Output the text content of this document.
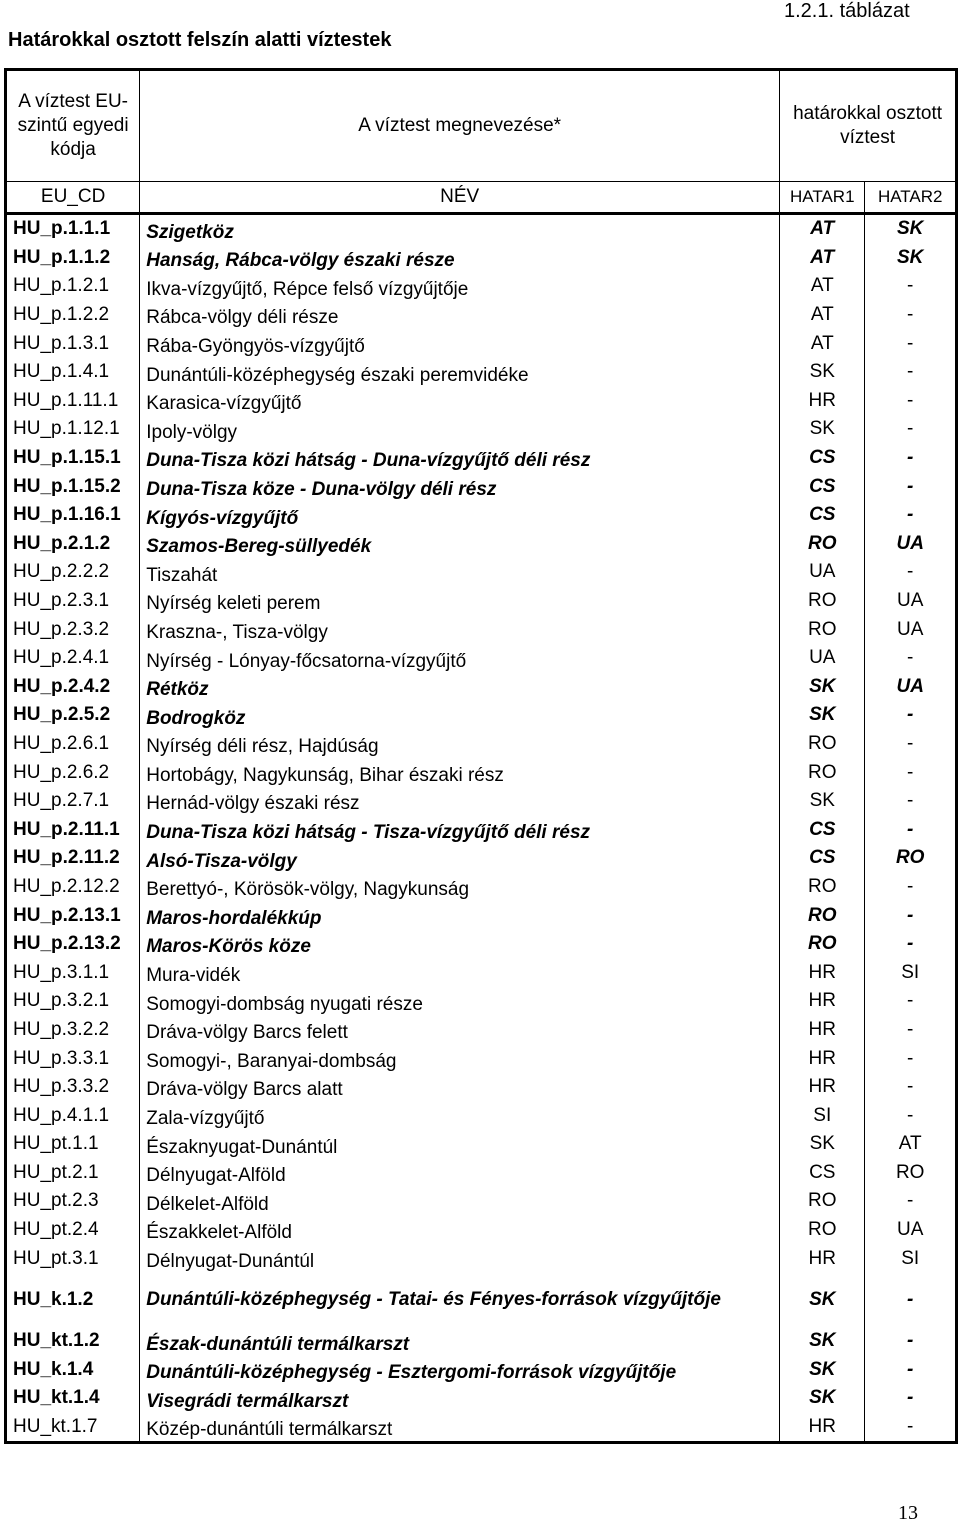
Határokkal osztott felszín alatti víztestek
1.2.1. táblázat
A víztest EU- szintű egyedi kódja	A víztest megnevezése*	határokkal osztott víztest	
EU_CD	NÉV	HATAR1	HATAR2
HU_p.1.1.1	Szigetköz	AT	SK
HU_p.1.1.2	Hanság, Rábca-völgy északi része	AT	SK
HU_p.1.2.1	Ikva-vízgyűjtő, Répce felső vízgyűjtője	AT	-
HU_p.1.2.2	Rábca-völgy déli része	AT	-
HU_p.1.3.1	Rába-Gyöngyös-vízgyűjtő	AT	-
HU_p.1.4.1	Dunántúli-középhegység északi peremvidéke	SK	-
HU_p.1.11.1	Karasica-vízgyűjtő	HR	-
HU_p.1.12.1	Ipoly-völgy	SK	-
HU_p.1.15.1	Duna-Tisza közi hátság - Duna-vízgyűjtő déli rész	CS	-
HU_p.1.15.2	Duna-Tisza köze - Duna-völgy déli rész	CS	-
HU_p.1.16.1	Kígyós-vízgyűjtő	CS	-
HU_p.2.1.2	Szamos-Bereg-süllyedék	RO	UA
HU_p.2.2.2	Tiszahát	UA	-
HU_p.2.3.1	Nyírség keleti perem	RO	UA
HU_p.2.3.2	Kraszna-, Tisza-völgy	RO	UA
HU_p.2.4.1	Nyírség - Lónyay-főcsatorna-vízgyűjtő	UA	-
HU_p.2.4.2	Rétköz	SK	UA
HU_p.2.5.2	Bodrogköz	SK	-
HU_p.2.6.1	Nyírség déli rész, Hajdúság	RO	-
HU_p.2.6.2	Hortobágy, Nagykunság, Bihar északi rész	RO	-
HU_p.2.7.1	Hernád-völgy északi rész	SK	-
HU_p.2.11.1	Duna-Tisza közi hátság - Tisza-vízgyűjtő déli rész	CS	-
HU_p.2.11.2	Alsó-Tisza-völgy	CS	RO
HU_p.2.12.2	Berettyó-, Körösök-völgy, Nagykunság	RO	-
HU_p.2.13.1	Maros-hordalékkúp	RO	-
HU_p.2.13.2	Maros-Körös köze	RO	-
HU_p.3.1.1	Mura-vidék	HR	SI
HU_p.3.2.1	Somogyi-dombság nyugati része	HR	-
HU_p.3.2.2	Dráva-völgy Barcs felett	HR	-
HU_p.3.3.1	Somogyi-, Baranyai-dombság	HR	-
HU_p.3.3.2	Dráva-völgy Barcs alatt	HR	-
HU_p.4.1.1	Zala-vízgyűjtő	SI	-
HU_pt.1.1	Északnyugat-Dunántúl	SK	AT
HU_pt.2.1	Délnyugat-Alföld	CS	RO
HU_pt.2.3	Délkelet-Alföld	RO	-
HU_pt.2.4	Északkelet-Alföld	RO	UA
HU_pt.3.1	Délnyugat-Dunántúl	HR	SI
HU_k.1.2	Dunántúli-középhegység - Tatai- és Fényes-források vízgyűjtője	SK	-
HU_kt.1.2	Észak-dunántúli termálkarszt	SK	-
HU_k.1.4	Dunántúli-középhegység - Esztergomi-források vízgyűjtője	SK	-
HU_kt.1.4	Visegrádi termálkarszt	SK	-
HU_kt.1.7	Közép-dunántúli termálkarszt	HR	-
13
